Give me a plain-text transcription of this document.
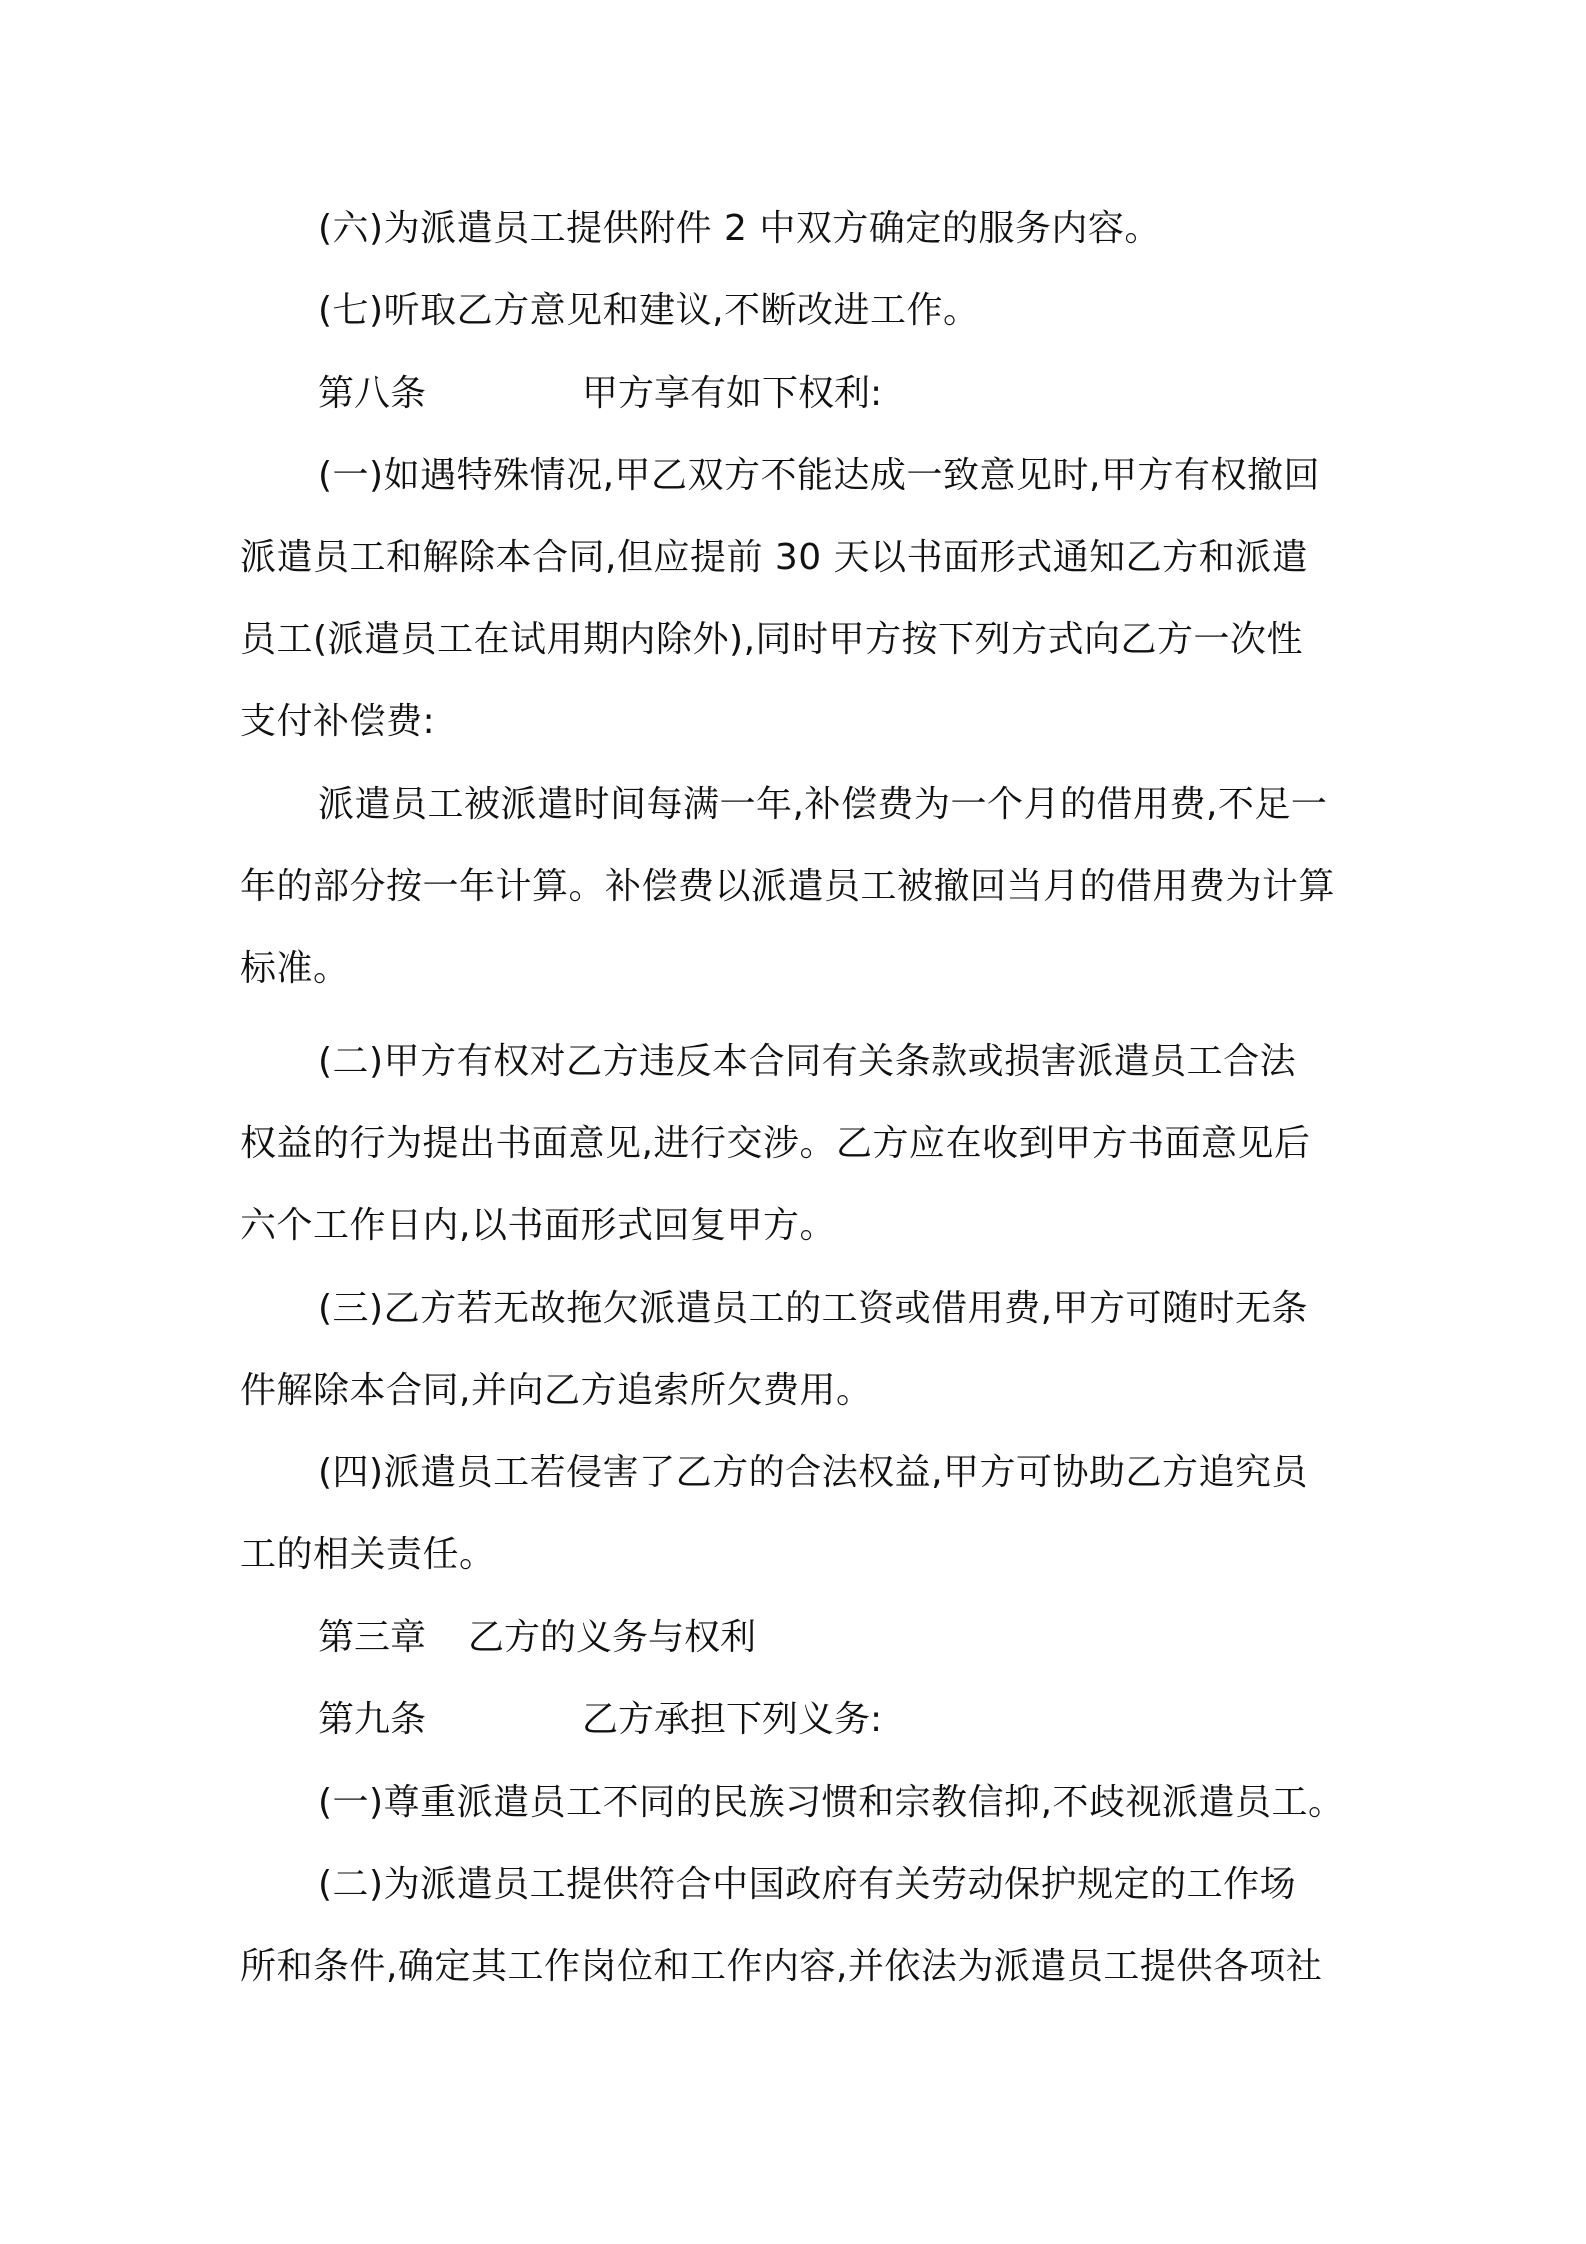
(六)为派遣员工提供附件 2 中双方确定的服务内容。
(七)听取乙方意见和建议,不断改进工作。
第八条	甲方享有如下权利:
(一)如遇特殊情况,甲乙双方不能达成一致意见时,甲方有权撤回
派遣员工和解除本合同,但应提前 30 天以书面形式通知乙方和派遣
员工(派遣员工在试用期内除外),同时甲方按下列方式向乙方一次性
支付补偿费:
派遣员工被派遣时间每满一年,补偿费为一个月的借用费,不足一
年的部分按一年计算。补偿费以派遣员工被撤回当月的借用费为计算
标准。
(二)甲方有权对乙方违反本合同有关条款或损害派遣员工合法
权益的行为提出书面意见,进行交涉。乙方应在收到甲方书面意见后
六个工作日内,以书面形式回复甲方。
(三)乙方若无故拖欠派遣员工的工资或借用费,甲方可随时无条
件解除本合同,并向乙方追索所欠费用。
(四)派遣员工若侵害了乙方的合法权益,甲方可协助乙方追究员
工的相关责任。
第三章 乙方的义务与权利
第九条	乙方承担下列义务:
(一)尊重派遣员工不同的民族习惯和宗教信抑,不歧视派遣员工。
(二)为派遣员工提供符合中国政府有关劳动保护规定的工作场
所和条件,确定其工作岗位和工作内容,并依法为派遣员工提供各项社
